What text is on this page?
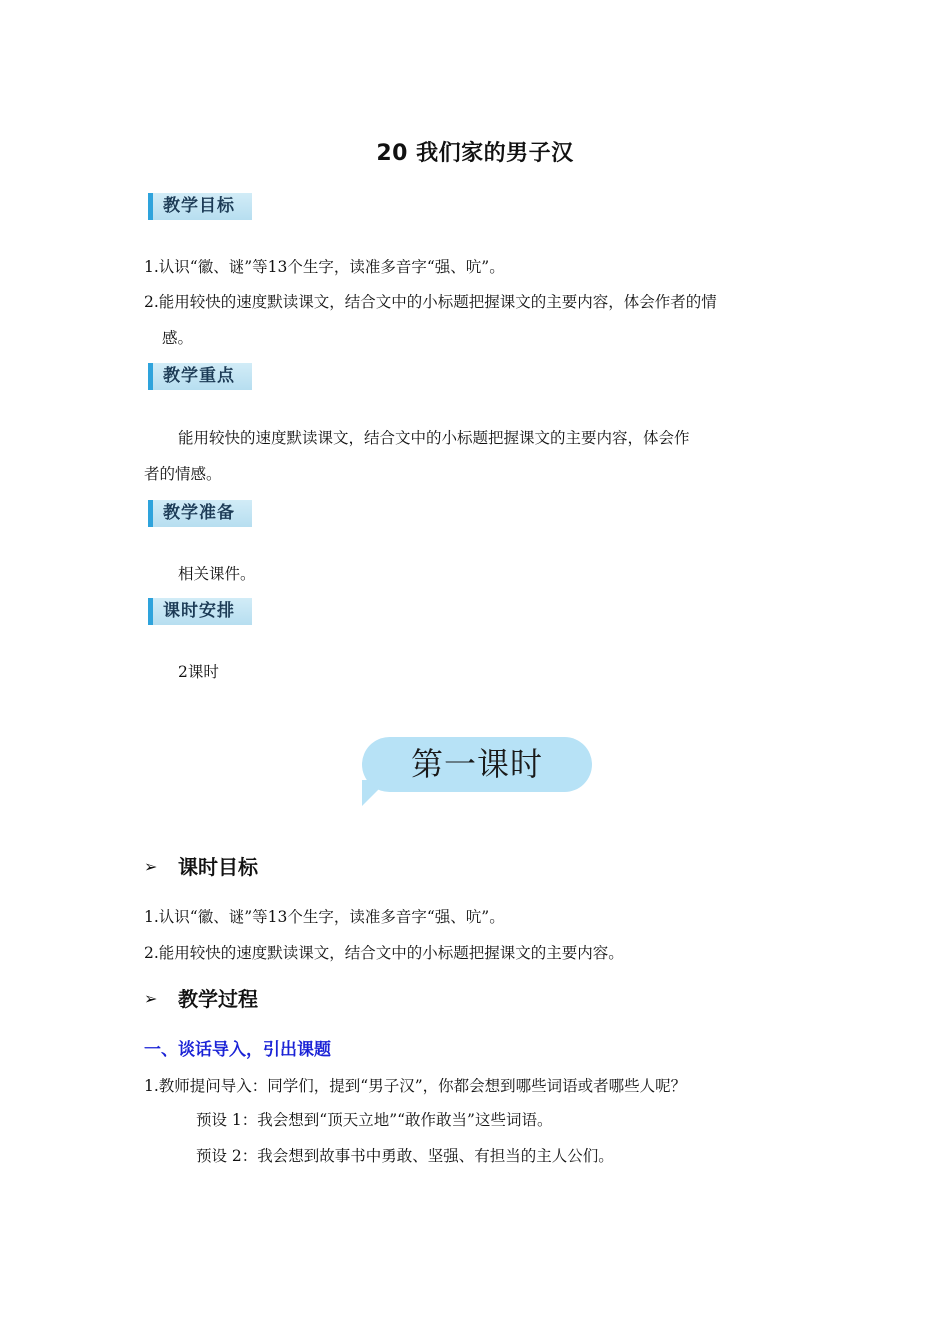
20 我们家的男子汉
教学目标
1.认识“徽、谜”等13个生字，读准多音字“强、吭”。
2.能用较快的速度默读课文，结合文中的小标题把握课文的主要内容，体会作者的情
感。
教学重点
能用较快的速度默读课文，结合文中的小标题把握课文的主要内容，体会作
者的情感。
教学准备
相关课件。
课时安排
2课时
第一课时
➢ 课时目标
1.认识“徽、谜”等13个生字，读准多音字“强、吭”。
2.能用较快的速度默读课文，结合文中的小标题把握课文的主要内容。
➢ 教学过程
一、谈话导入，引出课题
1.教师提问导入：同学们，提到“男子汉”，你都会想到哪些词语或者哪些人呢？
预设 1：我会想到“顶天立地”“敢作敢当”这些词语。
预设 2：我会想到故事书中勇敢、坚强、有担当的主人公们。
